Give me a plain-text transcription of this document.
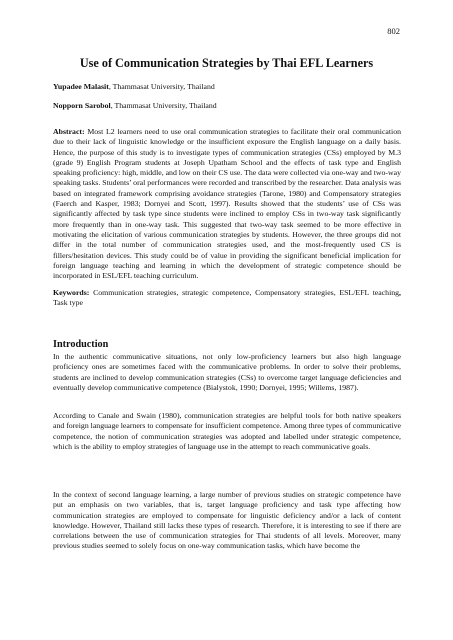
802
Use of Communication Strategies by Thai EFL Learners

Yupadee Malasit, Thammasat University, Thailand

Nopporn Sarobol, Thammasat University, Thailand

Abstract: Most L2 learners need to use oral communication strategies to facilitate their oral communication due to their lack of linguistic knowledge or the insufficient exposure the English language on a daily basis. Hence, the purpose of this study is to investigate types of communication strategies (CSs) employed by M.3 (grade 9) English Program students at Joseph Upatham School and the effects of task type and English speaking proficiency: high, middle, and low on their CS use. The data were collected via one-way and two-way speaking tasks. Students’ oral performances were recorded and transcribed by the researcher. Data analysis was based on integrated framework comprising avoidance strategies (Tarone, 1980) and Compensatory strategies (Faerch and Kasper, 1983; Dornyei and Scott, 1997). Results showed that the students’ use of CSs was significantly affected by task type since students were inclined to employ CSs in two-way task significantly more frequently than in one-way task. This suggested that two-way task seemed to be more effective in motivating the elicitation of various communication strategies by students. However, the three groups did not differ in the total number of communication strategies used, and the most-frequently used CS is fillers/hesitation devices. This study could be of value in providing the significant beneficial implication for foreign language teaching and learning in which the development of strategic competence should be incorporated in ESL/EFL teaching curriculum.

Keywords: Communication strategies, strategic competence, Compensatory strategies, ESL/EFL teaching, Task type

Introduction

In the authentic communicative situations, not only low-proficiency learners but also high language proficiency ones are sometimes faced with the communicative problems. In order to solve their problems, students are inclined to develop communication strategies (CSs) to overcome target language deficiencies and eventually develop communicative competence (Bialystok, 1990; Dornyei, 1995; Willems, 1987).

According to Canale and Swain (1980), communication strategies are helpful tools for both native speakers and foreign language learners to compensate for insufficient competence. Among three types of communicative competence, the notion of communication strategies was adopted and labelled under strategic competence, which is the ability to employ strategies of language use in the attempt to reach communicative goals.

In the context of second language learning, a large number of previous studies on strategic competence have put an emphasis on two variables, that is, target language proficiency and task type affecting how communication strategies are employed to compensate for linguistic deficiency and/or a lack of content knowledge. However, Thailand still lacks these types of research. Therefore, it is interesting to see if there are correlations between the use of communication strategies for Thai students of all levels. Moreover, many previous studies seemed to solely focus on one-way communication tasks, which have become the
